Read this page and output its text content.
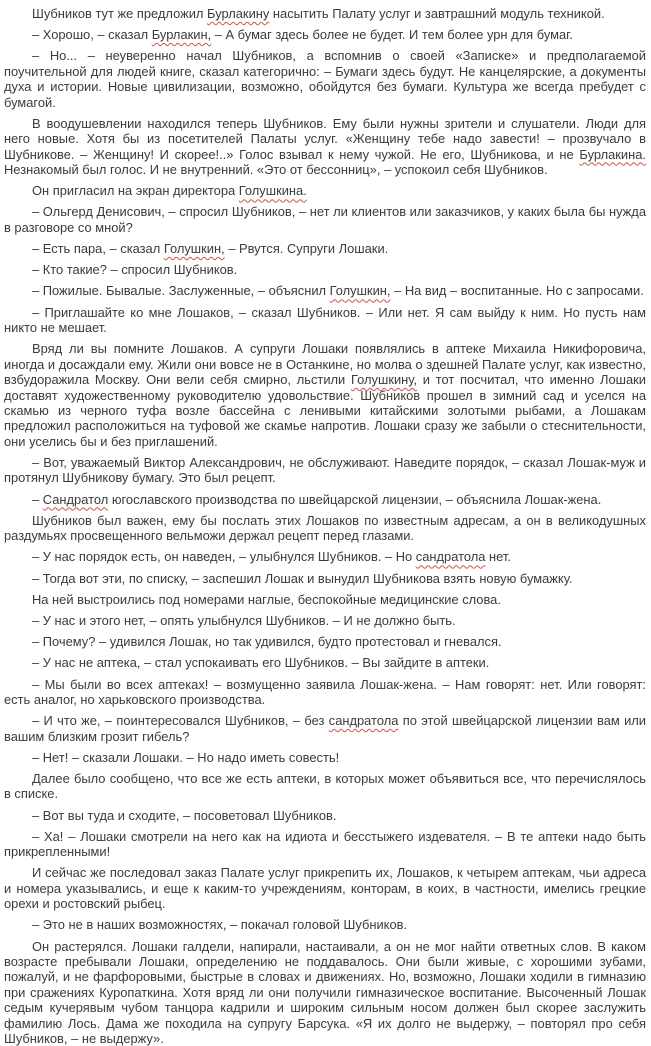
Шубников тут же предложил Бурлакину насытить Палату услуг и завтрашний модуль техникой.

– Хорошо, – сказал Бурлакин, – А бумаг здесь более не будет. И тем более урн для бумаг.

– Но... – неуверенно начал Шубников, а вспомнив о своей «Записке» и предполагаемой поучительной для людей книге, сказал категорично: – Бумаги здесь будут. Не канцелярские, а документы духа и истории. Новые цивилизации, возможно, обойдутся без бумаги. Культура же всегда пребудет с бумагой.

В воодушевлении находился теперь Шубников. Ему были нужны зрители и слушатели. Люди для него новые. Хотя бы из посетителей Палаты услуг. «Женщину тебе надо завести! – прозвучало в Шубникове. – Женщину! И скорее!..» Голос взывал к нему чужой. Не его, Шубникова, и не Бурлакина. Незнакомый был голос. И не внутренний. «Это от бессонниц», – успокоил себя Шубников.

Он пригласил на экран директора Голушкина.

– Ольгерд Денисович, – спросил Шубников, – нет ли клиентов или заказчиков, у каких была бы нужда в разговоре со мной?

– Есть пара, – сказал Голушкин, – Рвутся. Супруги Лошаки.

– Кто такие? – спросил Шубников.

– Пожилые. Бывалые. Заслуженные, – объяснил Голушкин, – На вид – воспитанные. Но с запросами.

– Приглашайте ко мне Лошаков, – сказал Шубников. – Или нет. Я сам выйду к ним. Но пусть нам никто не мешает.

Вряд ли вы помните Лошаков. А супруги Лошаки появлялись в аптеке Михаила Никифоровича, иногда и досаждали ему. Жили они вовсе не в Останкине, но молва о здешней Палате услуг, как известно, взбудоражила Москву. Они вели себя смирно, льстили Голушкину, и тот посчитал, что именно Лошаки доставят художественному руководителю удовольствие. Шубников прошел в зимний сад и уселся на скамью из черного туфа возле бассейна с ленивыми китайскими золотыми рыбами, а Лошакам предложил расположиться на туфовой же скамье напротив. Лошаки сразу же забыли о стеснительности, они уселись бы и без приглашений.

– Вот, уважаемый Виктор Александрович, не обслуживают. Наведите порядок, – сказал Лошак-муж и протянул Шубникову бумагу. Это был рецепт.

– Сандратол югославского производства по швейцарской лицензии, – объяснила Лошак-жена.

Шубников был важен, ему бы послать этих Лошаков по известным адресам, а он в великодушных раздумьях просвещенного вельможи держал рецепт перед глазами.

– У нас порядок есть, он наведен, – улыбнулся Шубников. – Но сандратола нет.

– Тогда вот эти, по списку, – заспешил Лошак и вынудил Шубникова взять новую бумажку.

На ней выстроились под номерами наглые, беспокойные медицинские слова.

– У нас и этого нет, – опять улыбнулся Шубников. – И не должно быть.

– Почему? – удивился Лошак, но так удивился, будто протестовал и гневался.

– У нас не аптека, – стал успокаивать его Шубников. – Вы зайдите в аптеки.

– Мы были во всех аптеках! – возмущенно заявила Лошак-жена. – Нам говорят: нет. Или говорят: есть аналог, но харьковского производства.

– И что же, – поинтересовался Шубников, – без сандратола по этой швейцарской лицензии вам или вашим близким грозит гибель?

– Нет! – сказали Лошаки. – Но надо иметь совесть!

Далее было сообщено, что все же есть аптеки, в которых может объявиться все, что перечислялось в списке.

– Вот вы туда и сходите, – посоветовал Шубников.

– Ха! – Лошаки смотрели на него как на идиота и бесстыжего издевателя. – В те аптеки надо быть прикрепленными!

И сейчас же последовал заказ Палате услуг прикрепить их, Лошаков, к четырем аптекам, чьи адреса и номера указывались, и еще к каким-то учреждениям, конторам, в коих, в частности, имелись грецкие орехи и ростовский рыбец.

– Это не в наших возможностях, – покачал головой Шубников.

Он растерялся. Лошаки галдели, напирали, настаивали, а он не мог найти ответных слов. В каком возрасте пребывали Лошаки, определению не поддавалось. Они были живые, с хорошими зубами, пожалуй, и не фарфоровыми, быстрые в словах и движениях. Но, возможно, Лошаки ходили в гимназию при сражениях Куропаткина. Хотя вряд ли они получили гимназическое воспитание. Высоченный Лошак седым кучерявым чубом танцора кадрили и широким сильным носом должен был скорее заслужить фамилию Лось. Дама же походила на супругу Барсука. «Я их долго не выдержу, – повторял про себя Шубников, – не выдержу».
